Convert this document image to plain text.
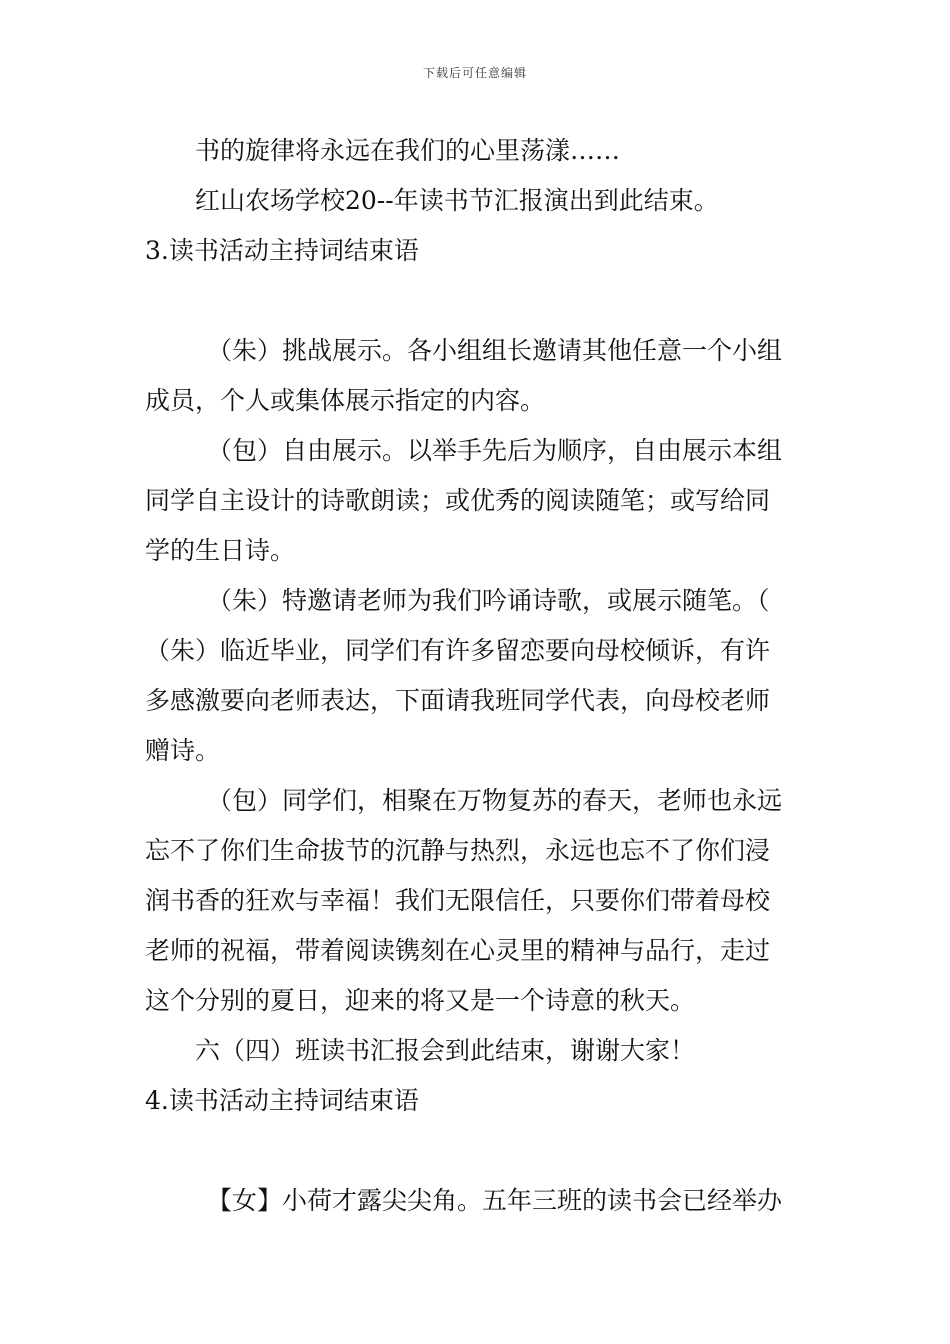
下载后可任意编辑
书的旋律将永远在我们的心里荡漾……
红山农场学校20--年读书节汇报演出到此结束。
3.读书活动主持词结束语
（朱）挑战展示。各小组组长邀请其他任意一个小组
成员，个人或集体展示指定的内容。
（包）自由展示。以举手先后为顺序，自由展示本组
同学自主设计的诗歌朗读；或优秀的阅读随笔；或写给同
学的生日诗。
（朱）特邀请老师为我们吟诵诗歌，或展示随笔。（
（朱）临近毕业，同学们有许多留恋要向母校倾诉，有许
多感激要向老师表达，下面请我班同学代表，向母校老师
赠诗。
（包）同学们，相聚在万物复苏的春天，老师也永远
忘不了你们生命拔节的沉静与热烈，永远也忘不了你们浸
润书香的狂欢与幸福！我们无限信任，只要你们带着母校
老师的祝福，带着阅读镌刻在心灵里的精神与品行，走过
这个分别的夏日，迎来的将又是一个诗意的秋天。
六（四）班读书汇报会到此结束，谢谢大家！
4.读书活动主持词结束语
【女】小荷才露尖尖角。五年三班的读书会已经举办
